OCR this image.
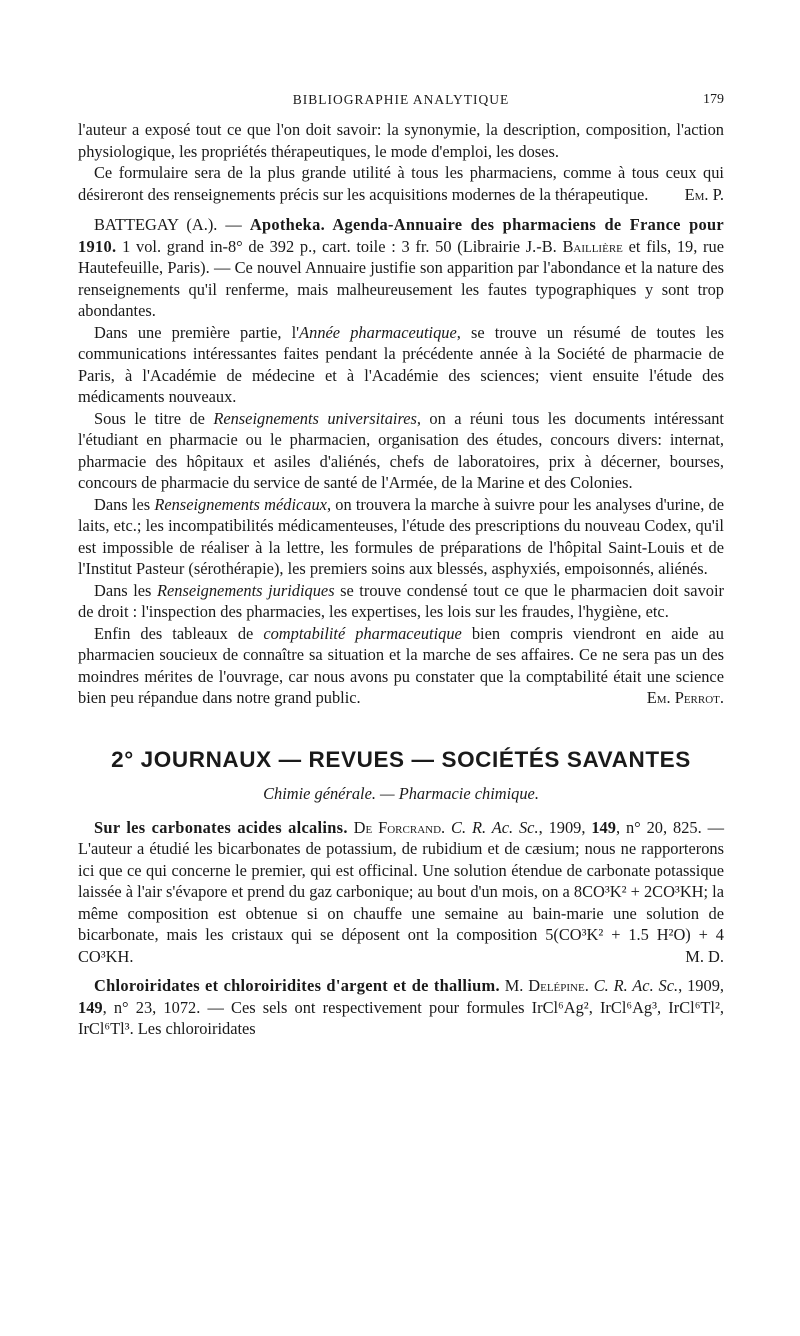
BIBLIOGRAPHIE ANALYTIQUE	179

l'auteur a exposé tout ce que l'on doit savoir: la synonymie, la description, composition, l'action physiologique, les propriétés thérapeutiques, le mode d'emploi, les doses.

Ce formulaire sera de la plus grande utilité à tous les pharmaciens, comme à tous ceux qui désireront des renseignements précis sur les acquisitions modernes de la thérapeutique.	Em. P.

BATTEGAY (A.). — Apotheka. Agenda-Annuaire des pharmaciens de France pour 1910. 1 vol. grand in-8° de 392 p., cart. toile : 3 fr. 50 (Librairie J.-B. Baillière et fils, 19, rue Hautefeuille, Paris). — Ce nouvel Annuaire justifie son apparition par l'abondance et la nature des renseignements qu'il renferme, mais malheureusement les fautes typographiques y sont trop abondantes.

Dans une première partie, l'Année pharmaceutique, se trouve un résumé de toutes les communications intéressantes faites pendant la précédente année à la Société de pharmacie de Paris, à l'Académie de médecine et à l'Académie des sciences; vient ensuite l'étude des médicaments nouveaux.

Sous le titre de Renseignements universitaires, on a réuni tous les documents intéressant l'étudiant en pharmacie ou le pharmacien, organisation des études, concours divers: internat, pharmacie des hôpitaux et asiles d'aliénés, chefs de laboratoires, prix à décerner, bourses, concours de pharmacie du service de santé de l'Armée, de la Marine et des Colonies.

Dans les Renseignements médicaux, on trouvera la marche à suivre pour les analyses d'urine, de laits, etc.; les incompatibilités médicamenteuses, l'étude des prescriptions du nouveau Codex, qu'il est impossible de réaliser à la lettre, les formules de préparations de l'hôpital Saint-Louis et de l'Institut Pasteur (sérothérapie), les premiers soins aux blessés, asphyxiés, empoisonnés, aliénés.

Dans les Renseignements juridiques se trouve condensé tout ce que le pharmacien doit savoir de droit : l'inspection des pharmacies, les expertises, les lois sur les fraudes, l'hygiène, etc.

Enfin des tableaux de comptabilité pharmaceutique bien compris viendront en aide au pharmacien soucieux de connaître sa situation et la marche de ses affaires. Ce ne sera pas un des moindres mérites de l'ouvrage, car nous avons pu constater que la comptabilité était une science bien peu répandue dans notre grand public.	Em. Perrot.

2° JOURNAUX — REVUES — SOCIÉTÉS SAVANTES
Chimie générale. — Pharmacie chimique.

Sur les carbonates acides alcalins. De Forcrand. C. R. Ac. Sc., 1909, 149, n° 20, 825. — L'auteur a étudié les bicarbonates de potassium, de rubidium et de cæsium; nous ne rapporterons ici que ce qui concerne le premier, qui est officinal. Une solution étendue de carbonate potassique laissée à l'air s'évapore et prend du gaz carbonique; au bout d'un mois, on a 8CO³K² + 2CO³KH; la même composition est obtenue si on chauffe une semaine au bain-marie une solution de bicarbonate, mais les cristaux qui se déposent ont la composition 5(CO³K² + 1.5 H²O) + 4 CO³KH.	M. D.

Chloroiridates et chloroiridites d'argent et de thallium. M. Delépine. C. R. Ac. Sc., 1909, 149, n° 23, 1072. — Ces sels ont respectivement pour formules IrCl⁶Ag², IrCl⁶Ag³, IrCl⁶Tl², IrCl⁶Tl³. Les chloroiridates
